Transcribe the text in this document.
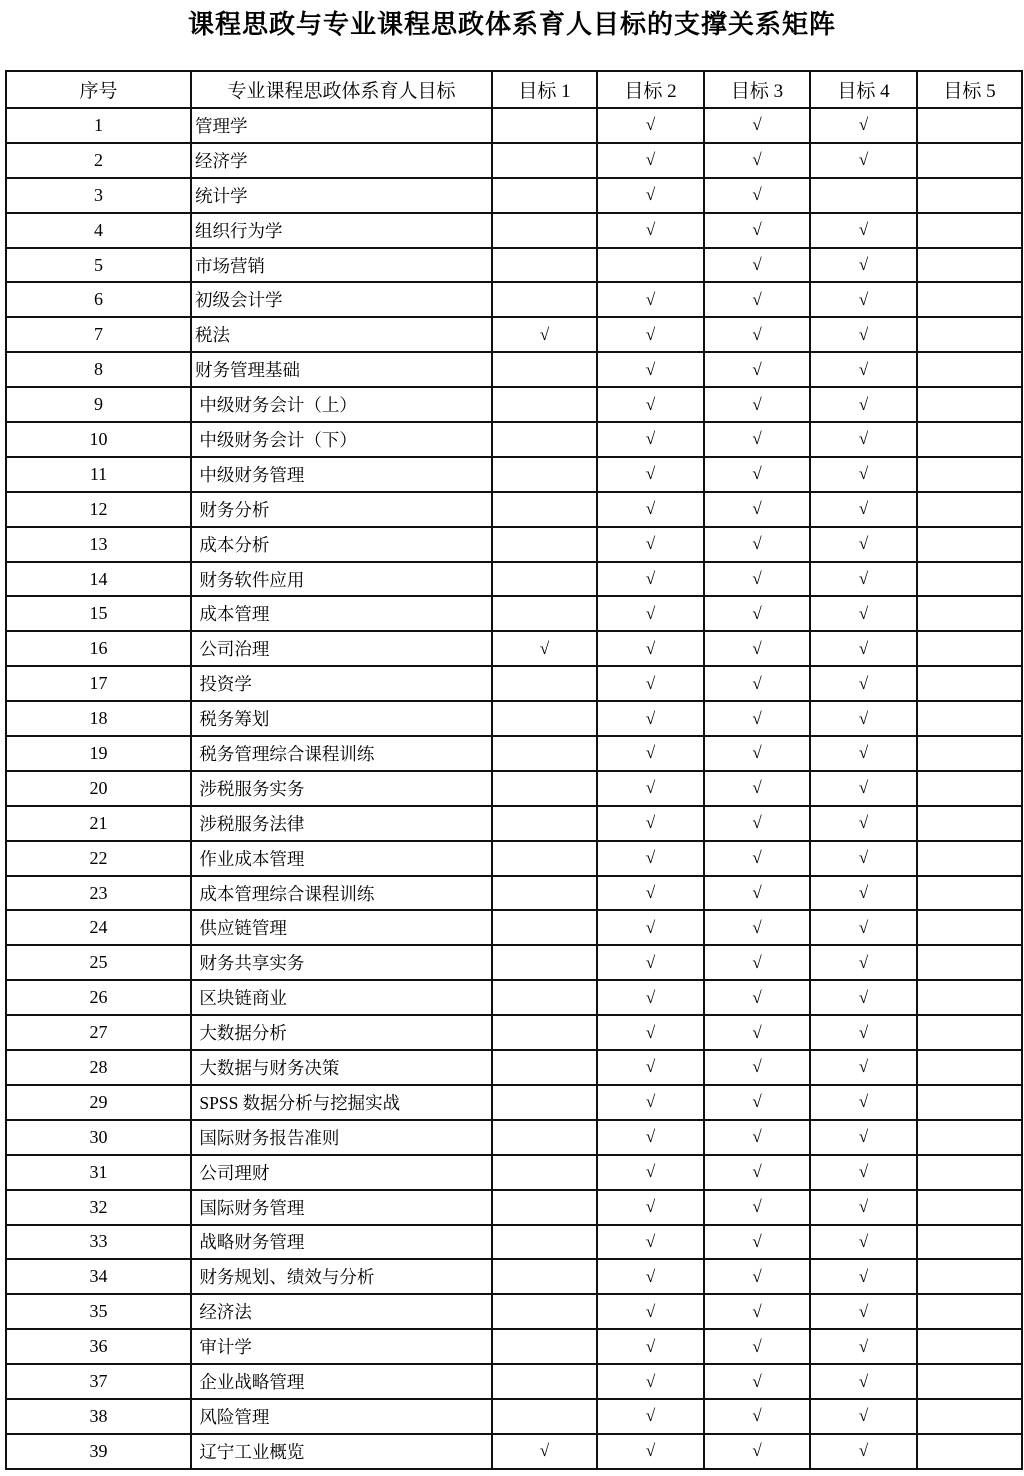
课程思政与专业课程思政体系育人目标的支撑关系矩阵
序号	专业课程思政体系育人目标	目标 1	目标 2	目标 3	目标 4	目标 5
1	管理学		√	√	√	
2	经济学		√	√	√	
3	统计学		√	√		
4	组织行为学		√	√	√	
5	市场营销			√	√	
6	初级会计学		√	√	√	
7	税法	√	√	√	√	
8	财务管理基础		√	√	√	
9	中级财务会计（上）		√	√	√	
10	中级财务会计（下）		√	√	√	
11	中级财务管理		√	√	√	
12	财务分析		√	√	√	
13	成本分析		√	√	√	
14	财务软件应用		√	√	√	
15	成本管理		√	√	√	
16	公司治理	√	√	√	√	
17	投资学		√	√	√	
18	税务筹划		√	√	√	
19	税务管理综合课程训练		√	√	√	
20	涉税服务实务		√	√	√	
21	涉税服务法律		√	√	√	
22	作业成本管理		√	√	√	
23	成本管理综合课程训练		√	√	√	
24	供应链管理		√	√	√	
25	财务共享实务		√	√	√	
26	区块链商业		√	√	√	
27	大数据分析		√	√	√	
28	大数据与财务决策		√	√	√	
29	SPSS 数据分析与挖掘实战		√	√	√	
30	国际财务报告准则		√	√	√	
31	公司理财		√	√	√	
32	国际财务管理		√	√	√	
33	战略财务管理		√	√	√	
34	财务规划、绩效与分析		√	√	√	
35	经济法		√	√	√	
36	审计学		√	√	√	
37	企业战略管理		√	√	√	
38	风险管理		√	√	√	
39	辽宁工业概览	√	√	√	√	
